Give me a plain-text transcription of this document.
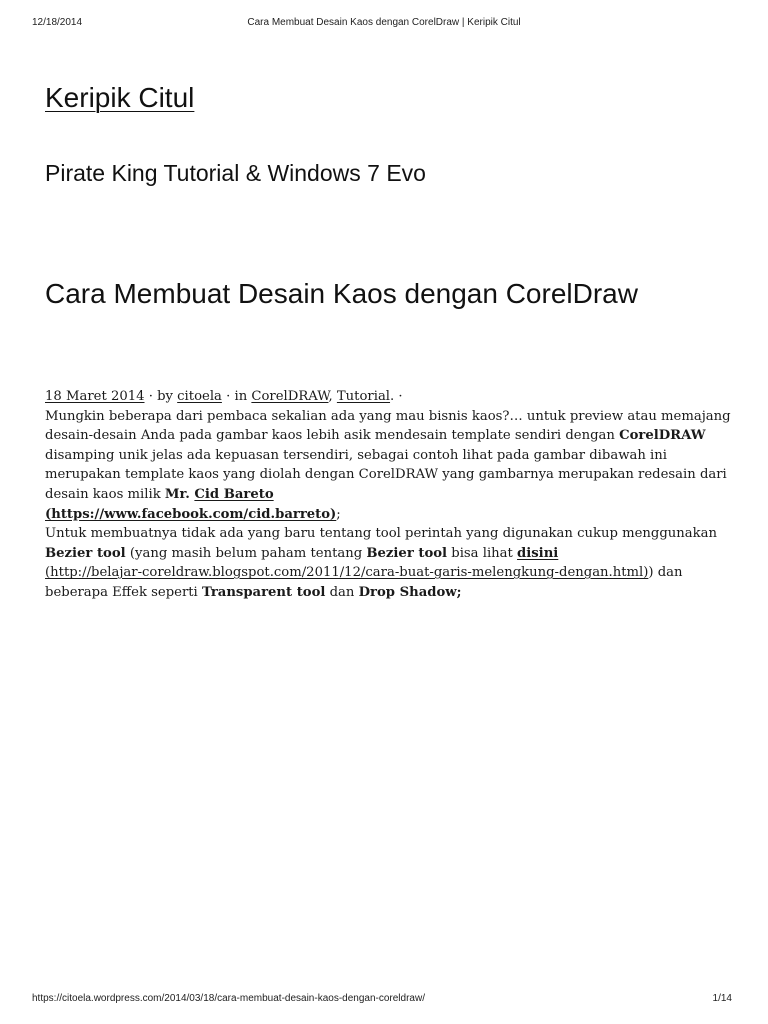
12/18/2014	Cara Membuat Desain Kaos dengan CorelDraw | Keripik Citul
Keripik Citul
Pirate King Tutorial & Windows 7 Evo
Cara Membuat Desain Kaos dengan CorelDraw

18 Maret 2014 · by citoela · in CorelDRAW, Tutorial. ·

Mungkin beberapa dari pembaca sekalian ada yang mau bisnis kaos?… untuk preview atau memajang desain-desain Anda pada gambar kaos lebih asik mendesain template sendiri dengan CorelDRAW disamping unik jelas ada kepuasan tersendiri, sebagai contoh lihat pada gambar dibawah ini merupakan template kaos yang diolah dengan CorelDRAW yang gambarnya merupakan redesain dari desain kaos milik Mr. Cid Bareto
(https://www.facebook.com/cid.barreto);

Untuk membuatnya tidak ada yang baru tentang tool perintah yang digunakan cukup menggunakan Bezier tool (yang masih belum paham tentang Bezier tool bisa lihat disini
(http://belajar-coreldraw.blogspot.com/2011/12/cara-buat-garis-melengkung-dengan.html)) dan beberapa Effek seperti Transparent tool dan Drop Shadow;

https://citoela.wordpress.com/2014/03/18/cara-membuat-desain-kaos-dengan-coreldraw/	1/14
